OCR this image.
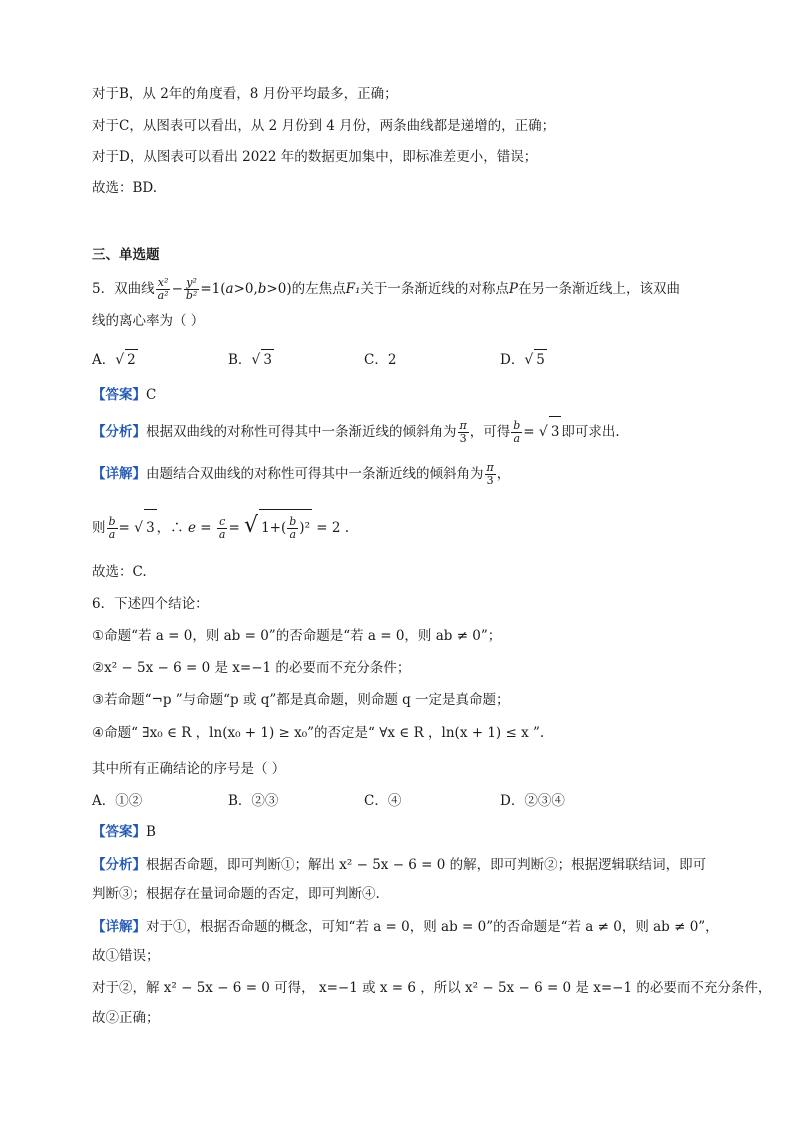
对于B，从 2年的角度看，8 月份平均最多，正确；
对于C，从图表可以看出，从 2 月份到 4 月份，两条曲线都是递增的，正确；
对于D，从图表可以看出 2022 年的数据更加集中，即标准差更小，错误；
故选：BD.
三、单选题
5．双曲线 $\frac{\text{x²}}{\text{a²}} - \frac{\text{y²}}{\text{b²}} =1(a>0,b>0)$的左焦点F₁关于一条渐近线的对称点P在另一条渐近线上，该双曲
线的离心率为（ ）
A．√ 2	B．√ 3	C．2	D．√ 5
【答案】C
【分析】根据双曲线的对称性可得其中一条渐近线的倾斜角为 $\frac{\pi}{3}$ ，可得 $\frac{b}{a}$ = √ 3 即可求出.
【详解】由题结合双曲线的对称性可得其中一条渐近线的倾斜角为 $\frac{\pi}{3}$ ，
则 $\frac{b}{a}$ = √ 3 ，∴ $e = \frac{c}{a}$ = √ $1+( \frac{b}{a} )^2 = 2$ .
故选：C.
6．下述四个结论：
①命题“若 a = 0，则 ab = 0”的否命题是“若 a = 0，则 ab ≠ 0”；
②x² − 5x − 6 = 0 是 x=−1 的必要而不充分条件；
③若命题“¬p ”与命题“p 或 q”都是真命题，则命题 q 一定是真命题；
④命题“ ∃x₀ ∈ R ，ln(x₀ + 1) ≥ x₀”的否定是“ ∀x ∈ R ，ln(x + 1) ≤ x ”.
其中所有正确结论的序号是（ ）
A．①②	B．②③	C．④	D．②③④
【答案】B
【分析】根据否命题，即可判断①；解出 x² − 5x − 6 = 0 的解，即可判断②；根据逻辑联结词，即可
判断③；根据存在量词命题的否定，即可判断④.
【详解】对于①，根据否命题的概念，可知“若 a = 0，则 ab = 0”的否命题是“若 a ≠ 0，则 ab ≠ 0”，
故①错误；
对于②，解 x² − 5x − 6 = 0 可得， x=−1 或 x = 6 ，所以 x² − 5x − 6 = 0 是 x=−1 的必要而不充分条件，
故②正确；
